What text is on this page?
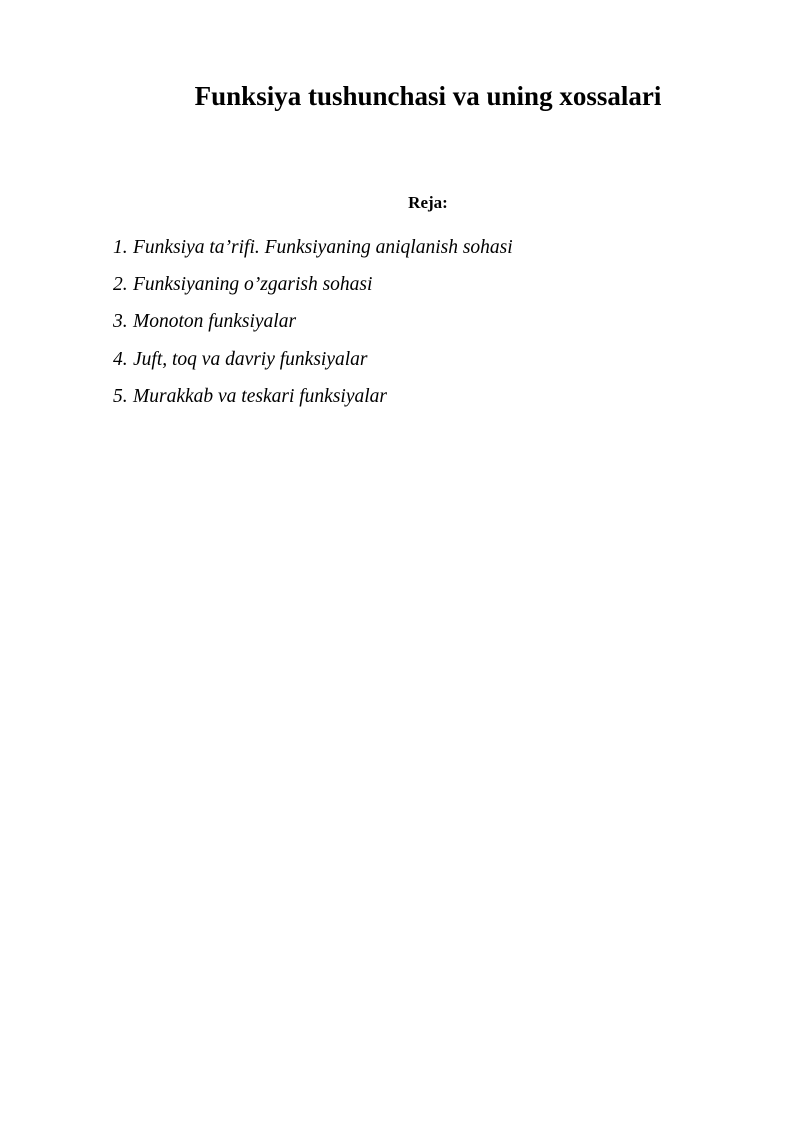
Funksiya tushunchasi va uning xossalari
Reja:
1. Funksiya ta’rifi. Funksiyaning aniqlanish sohasi
2. Funksiyaning o’zgarish sohasi
3. Monoton funksiyalar
4. Juft, toq va davriy funksiyalar
5. Murakkab va teskari funksiyalar
